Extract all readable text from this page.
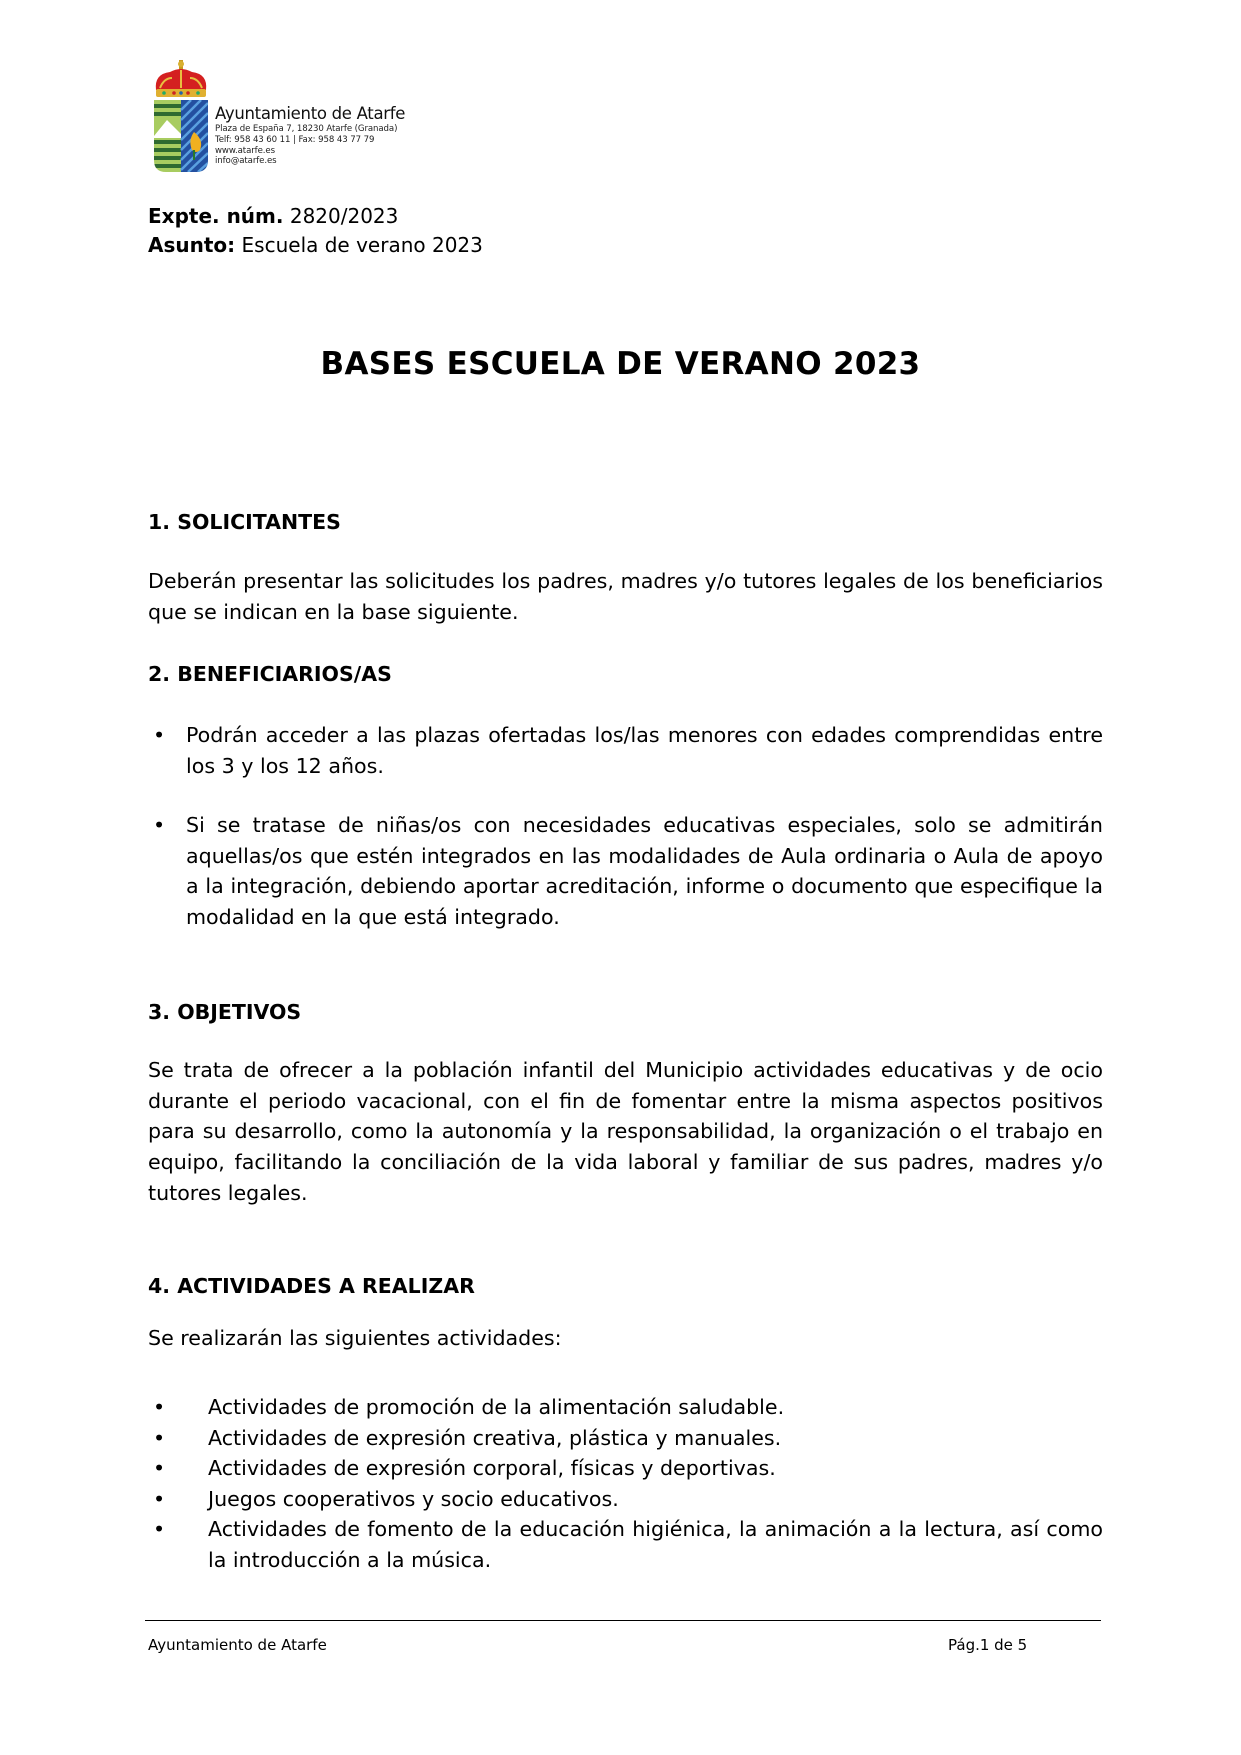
Ayuntamiento de Atarfe
Plaza de España 7, 18230 Atarfe (Granada)
Telf: 958 43 60 11 | Fax: 958 43 77 79
www.atarfe.es
info@atarfe.es
Expte. núm. 2820/2023
Asunto: Escuela de verano 2023
BASES ESCUELA DE VERANO 2023
1. SOLICITANTES
Deberán presentar las solicitudes los padres, madres y/o tutores legales de los beneficiarios que se indican en la base siguiente.
2. BENEFICIARIOS/AS
• Podrán acceder a las plazas ofertadas los/las menores con edades comprendidas entre los 3 y los 12 años.
• Si se tratase de niñas/os con necesidades educativas especiales, solo se admitirán aquellas/os que estén integrados en las modalidades de Aula ordinaria o Aula de apoyo a la integración, debiendo aportar acreditación, informe o documento que especifique la modalidad en la que está integrado.
3. OBJETIVOS
Se trata de ofrecer a la población infantil del Municipio actividades educativas y de ocio durante el periodo vacacional, con el fin de fomentar entre la misma aspectos positivos para su desarrollo, como la autonomía y la responsabilidad, la organización o el trabajo en equipo, facilitando la conciliación de la vida laboral y familiar de sus padres, madres y/o tutores legales.
4. ACTIVIDADES A REALIZAR
Se realizarán las siguientes actividades:
• Actividades de promoción de la alimentación saludable.
• Actividades de expresión creativa, plástica y manuales.
• Actividades de expresión corporal, físicas y deportivas.
• Juegos cooperativos y socio educativos.
• Actividades de fomento de la educación higiénica, la animación a la lectura, así como la introducción a la música.
Ayuntamiento de Atarfe	Pág.1 de 5
